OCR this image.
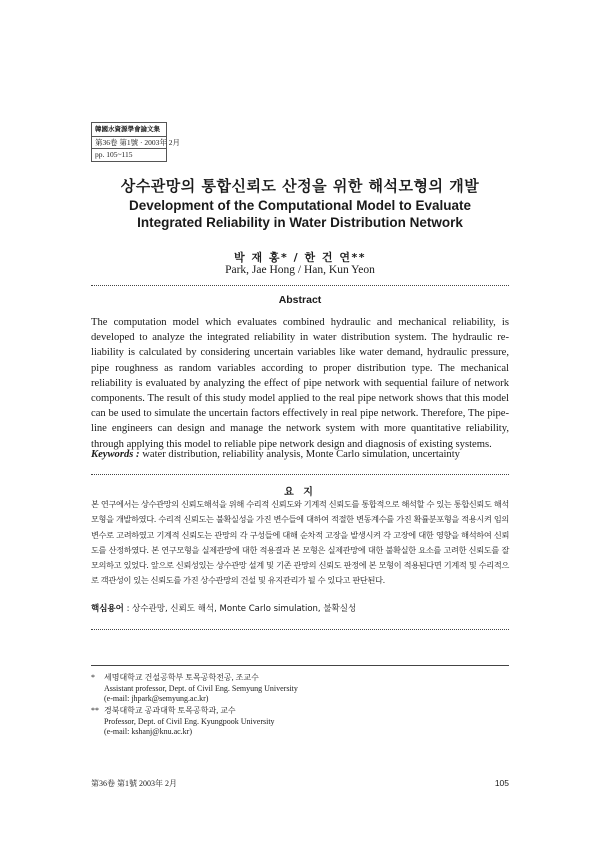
韓國水資源學會論文集
第36卷 第1號 · 2003年 2月
pp. 105~115
상수관망의 통합신뢰도 산정을 위한 해석모형의 개발
Development of the Computational Model to Evaluate
Integrated Reliability in Water Distribution Network
박 재 홍* / 한 건 연**
Park, Jae Hong / Han, Kun Yeon
Abstract

The computation model which evaluates combined hydraulic and mechanical reliability, is developed to analyze the integrated reliability in water distribution system. The hydraulic re-liability is calculated by considering uncertain variables like water demand, hydraulic pressure, pipe roughness as random variables according to proper distribution type. The mechanical reliability is evaluated by analyzing the effect of pipe network with sequential failure of network components. The result of this study model applied to the real pipe network shows that this model can be used to simulate the uncertain factors effectively in real pipe network. Therefore, The pipe-line engineers can design and manage the network system with more quantitative reliability, through applying this model to reliable pipe network design and diagnosis of existing systems.

Keywords : water distribution, reliability analysis, Monte Carlo simulation, uncertainty
요 지

본 연구에서는 상수관망의 신뢰도해석을 위해 수리적 신뢰도와 기계적 신뢰도를 통합적으로 해석할 수 있는 통합신뢰도 해석모형을 개발하였다. 수리적 신뢰도는 불확실성을 가진 변수들에 대하여 적절한 변동계수를 가진 확률분포형을 적용시켜 임의변수로 고려하였고 기계적 신뢰도는 관망의 각 구성들에 대해 순차적 고장을 발생시켜 각 고장에 대한 영향을 해석하여 신뢰도를 산정하였다. 본 연구모형을 실제관망에 대한 적용결과 본 모형은 실제관망에 대한 불확실한 요소를 고려한 신뢰도를 잘 모의하고 있었다. 앞으로 신뢰성있는 상수관망 설계 및 기존 관망의 신뢰도 판정에 본 모형이 적용된다면 기계적 및 수리적으로 객관성이 있는 신뢰도를 가진 상수관망의 건설 및 유지관리가 될 수 있다고 판단된다.

핵심용어 : 상수관망, 신뢰도 해석, Monte Carlo simulation, 불확실성
* 세명대학교 건설공학부 토목공학전공, 조교수
Assistant professor, Dept. of Civil Eng. Semyung University
(e-mail: jhpark@semyung.ac.kr)
** 경북대학교 공과대학 토목공학과, 교수
Professor, Dept. of Civil Eng. Kyungpook University
(e-mail: kshanj@knu.ac.kr)
第36卷 第1號 2003年 2月	105
